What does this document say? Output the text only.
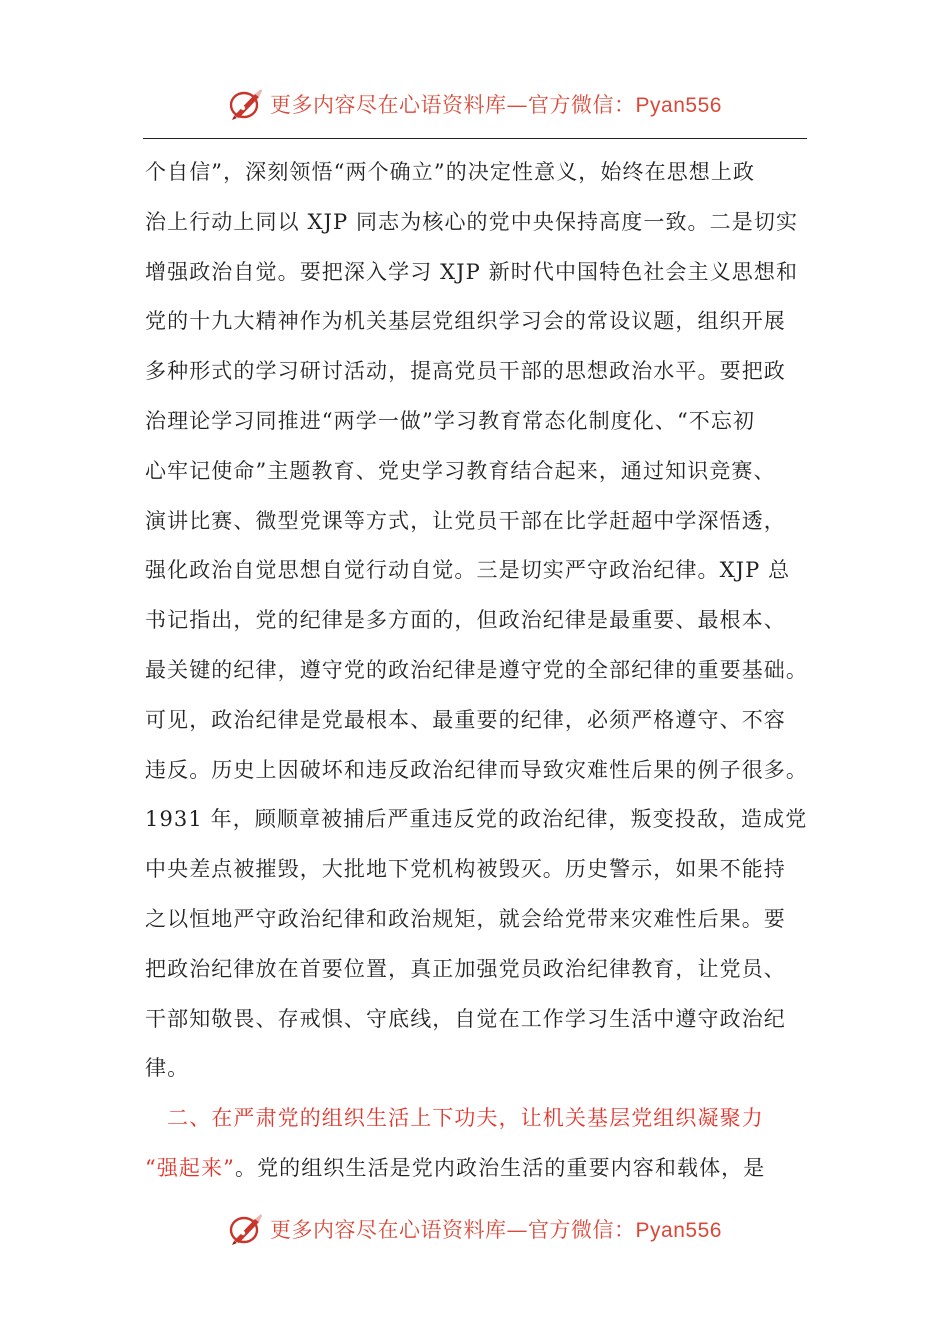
更多内容尽在心语资料库—官方微信： Pyan556
个自信”，深刻领悟“两个确立”的决定性意义，始终在思想上政
治上行动上同以 XJP 同志为核心的党中央保持高度一致。二是切实
增强政治自觉。要把深入学习 XJP 新时代中国特色社会主义思想和
党的十九大精神作为机关基层党组织学习会的常设议题，组织开展
多种形式的学习研讨活动，提高党员干部的思想政治水平。要把政
治理论学习同推进“两学一做”学习教育常态化制度化、“不忘初
心牢记使命”主题教育、党史学习教育结合起来，通过知识竞赛、
演讲比赛、微型党课等方式，让党员干部在比学赶超中学深悟透，
强化政治自觉思想自觉行动自觉。三是切实严守政治纪律。XJP 总
书记指出，党的纪律是多方面的，但政治纪律是最重要、最根本、
最关键的纪律，遵守党的政治纪律是遵守党的全部纪律的重要基础。
可见，政治纪律是党最根本、最重要的纪律，必须严格遵守、不容
违反。历史上因破坏和违反政治纪律而导致灾难性后果的例子很多。
1931 年，顾顺章被捕后严重违反党的政治纪律，叛变投敌，造成党
中央差点被摧毁，大批地下党机构被毁灭。历史警示，如果不能持
之以恒地严守政治纪律和政治规矩，就会给党带来灾难性后果。要
把政治纪律放在首要位置，真正加强党员政治纪律教育，让党员、
干部知敬畏、存戒惧、守底线，自觉在工作学习生活中遵守政治纪
律。
　二、在严肃党的组织生活上下功夫，让机关基层党组织凝聚力
“强起来”。党的组织生活是党内政治生活的重要内容和载体，是
更多内容尽在心语资料库—官方微信： Pyan556
